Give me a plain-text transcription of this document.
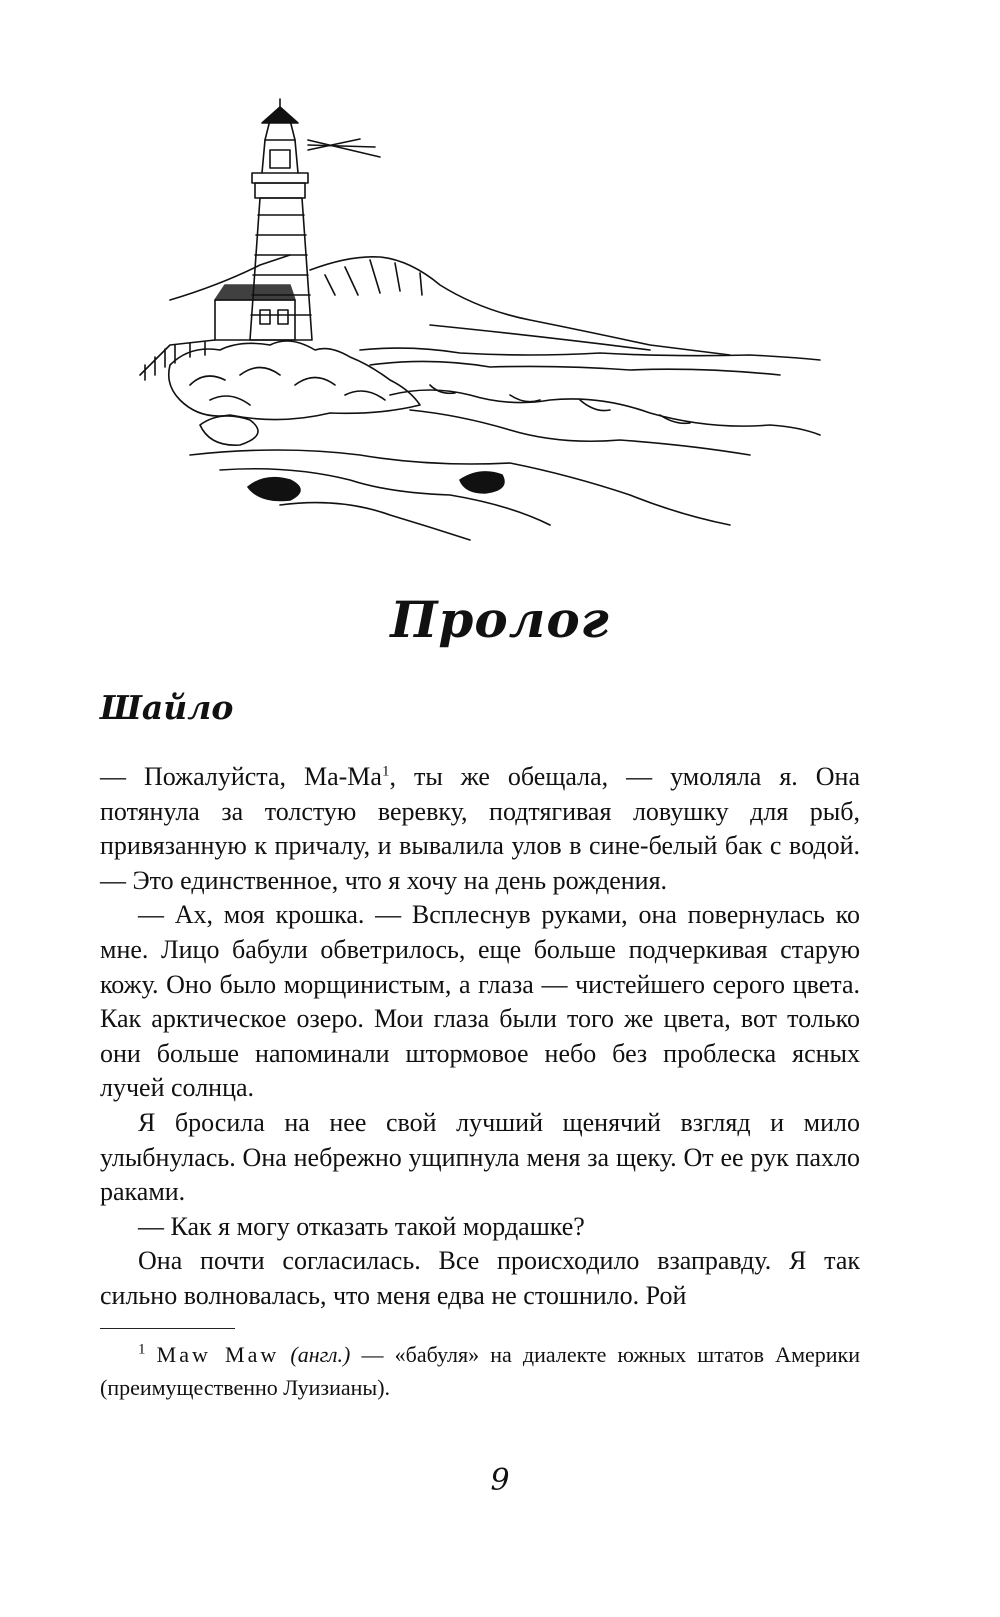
Пролог
Шайло

— Пожалуйста, $Ма-Ма^1$, ты же обещала, — умоляла я. Она потянула за толстую веревку, подтягивая ловушку для рыб, привязанную к причалу, и вывалила улов в сине-белый бак с водой. — Это единственное, что я хочу на день рождения.

— Ах, моя крошка. — Всплеснув руками, она повернулась ко мне. Лицо бабули обветрилось, еще больше подчеркивая старую кожу. Оно было морщинистым, а глаза — чистейшего серого цвета. Как арктическое озеро. Мои глаза были того же цвета, вот только они больше напоминали штормовое небо без проблеска ясных лучей солнца.

Я бросила на нее свой лучший щенячий взгляд и мило улыбнулась. Она небрежно ущипнула меня за щеку. От ее рук пахло раками.

— Как я могу отказать такой мордашке?

Она почти согласилась. Все происходило взаправду. Я так сильно волновалась, что меня едва не стошнило. Рой

$^1$ Maw Maw (англ.) — «бабуля» на диалекте южных штатов Америки (преимущественно Луизианы).
9
